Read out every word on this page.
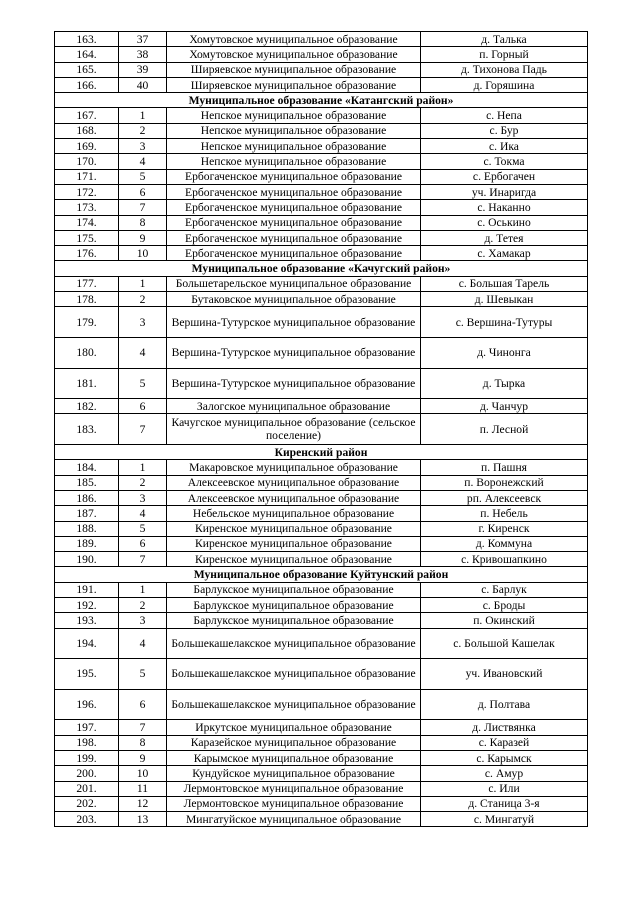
163.	37	Хомутовское муниципальное образование	д. Талька
164.	38	Хомутовское муниципальное образование	п. Горный
165.	39	Ширяевское муниципальное образование	д. Тихонова Падь
166.	40	Ширяевское муниципальное образование	д. Горяшина
Муниципальное образование «Катангский район»			
167.	1	Непское муниципальное образование	с. Непа
168.	2	Непское муниципальное образование	с. Бур
169.	3	Непское муниципальное образование	с. Ика
170.	4	Непское муниципальное образование	с. Токма
171.	5	Ербогаченское муниципальное образование	с. Ербогачен
172.	6	Ербогаченское муниципальное образование	уч. Инаригда
173.	7	Ербогаченское муниципальное образование	с. Наканно
174.	8	Ербогаченское муниципальное образование	с. Оськино
175.	9	Ербогаченское муниципальное образование	д. Тетея
176.	10	Ербогаченское муниципальное образование	с. Хамакар
Муниципальное образование «Качугский район»			
177.	1	Большетарельское муниципальное образование	с. Большая Тарель
178.	2	Бутаковское муниципальное образование	д. Шевыкан
179.	3	Вершина-Тутурское муниципальное образование	с. Вершина-Тутуры
180.	4	Вершина-Тутурское муниципальное образование	д. Чинонга
181.	5	Вершина-Тутурское муниципальное образование	д. Тырка
182.	6	Залогское муниципальное образование	д. Чанчур
183.	7	Качугское муниципальное образование (сельское поселение)	п. Лесной
Киренский район			
184.	1	Макаровское муниципальное образование	п. Пашня
185.	2	Алексеевское муниципальное образование	п. Воронежский
186.	3	Алексеевское муниципальное образование	рп. Алексеевск
187.	4	Небельское муниципальное образование	п. Небель
188.	5	Киренское муниципальное образование	г. Киренск
189.	6	Киренское муниципальное образование	д. Коммуна
190.	7	Киренское муниципальное образование	с. Кривошапкино
Муниципальное образование Куйтунский район			
191.	1	Барлукское муниципальное образование	с. Барлук
192.	2	Барлукское муниципальное образование	с. Броды
193.	3	Барлукское муниципальное образование	п. Окинский
194.	4	Большекашелакское муниципальное образование	с. Большой Кашелак
195.	5	Большекашелакское муниципальное образование	уч. Ивановский
196.	6	Большекашелакское муниципальное образование	д. Полтава
197.	7	Иркутское муниципальное образование	д. Листвянка
198.	8	Каразейское муниципальное образование	с. Каразей
199.	9	Карымское муниципальное образование	с. Карымск
200.	10	Кундуйское муниципальное образование	с. Амур
201.	11	Лермонтовское муниципальное образование	с. Или
202.	12	Лермонтовское муниципальное образование	д. Станица 3-я
203.	13	Мингатуйское муниципальное образование	с. Мингатуй
